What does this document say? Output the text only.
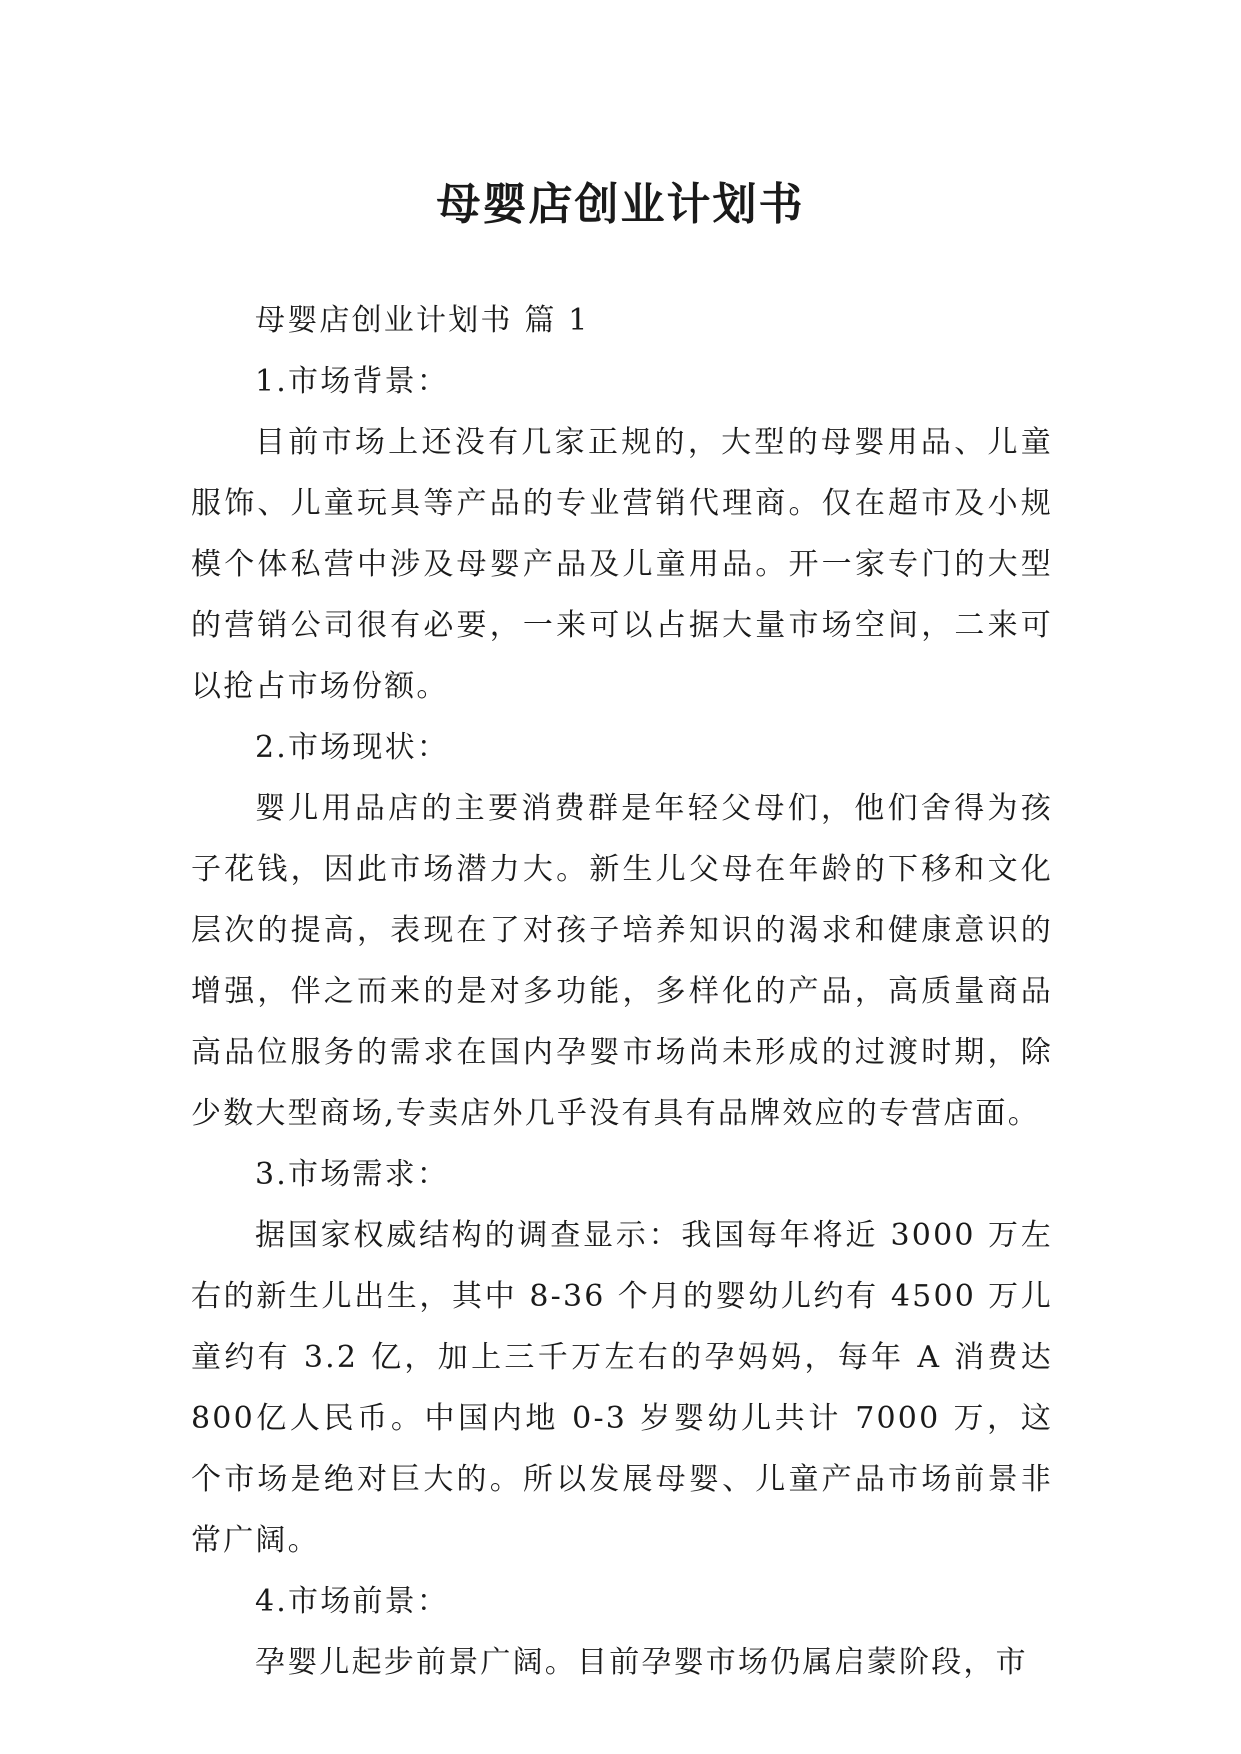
母婴店创业计划书

母婴店创业计划书 篇 1

1.市场背景：

目前市场上还没有几家正规的，大型的母婴用品、儿童服饰、儿童玩具等产品的专业营销代理商。仅在超市及小规模个体私营中涉及母婴产品及儿童用品。开一家专门的大型的营销公司很有必要，一来可以占据大量市场空间，二来可以抢占市场份额。

2.市场现状：

婴儿用品店的主要消费群是年轻父母们，他们舍得为孩子花钱，因此市场潜力大。新生儿父母在年龄的下移和文化层次的提高，表现在了对孩子培养知识的渴求和健康意识的增强，伴之而来的是对多功能，多样化的产品，高质量商品高品位服务的需求在国内孕婴市场尚未形成的过渡时期，除少数大型商场,专卖店外几乎没有具有品牌效应的专营店面。

3.市场需求：

据国家权威结构的调查显示：我国每年将近 3000 万左右的新生儿出生，其中 8-36 个月的婴幼儿约有 4500 万儿童约有 3.2 亿，加上三千万左右的孕妈妈，每年 A 消费达 800亿人民币。中国内地 0-3 岁婴幼儿共计 7000 万，这个市场是绝对巨大的。所以发展母婴、儿童产品市场前景非常广阔。

4.市场前景：

孕婴儿起步前景广阔。目前孕婴市场仍属启蒙阶段，市
